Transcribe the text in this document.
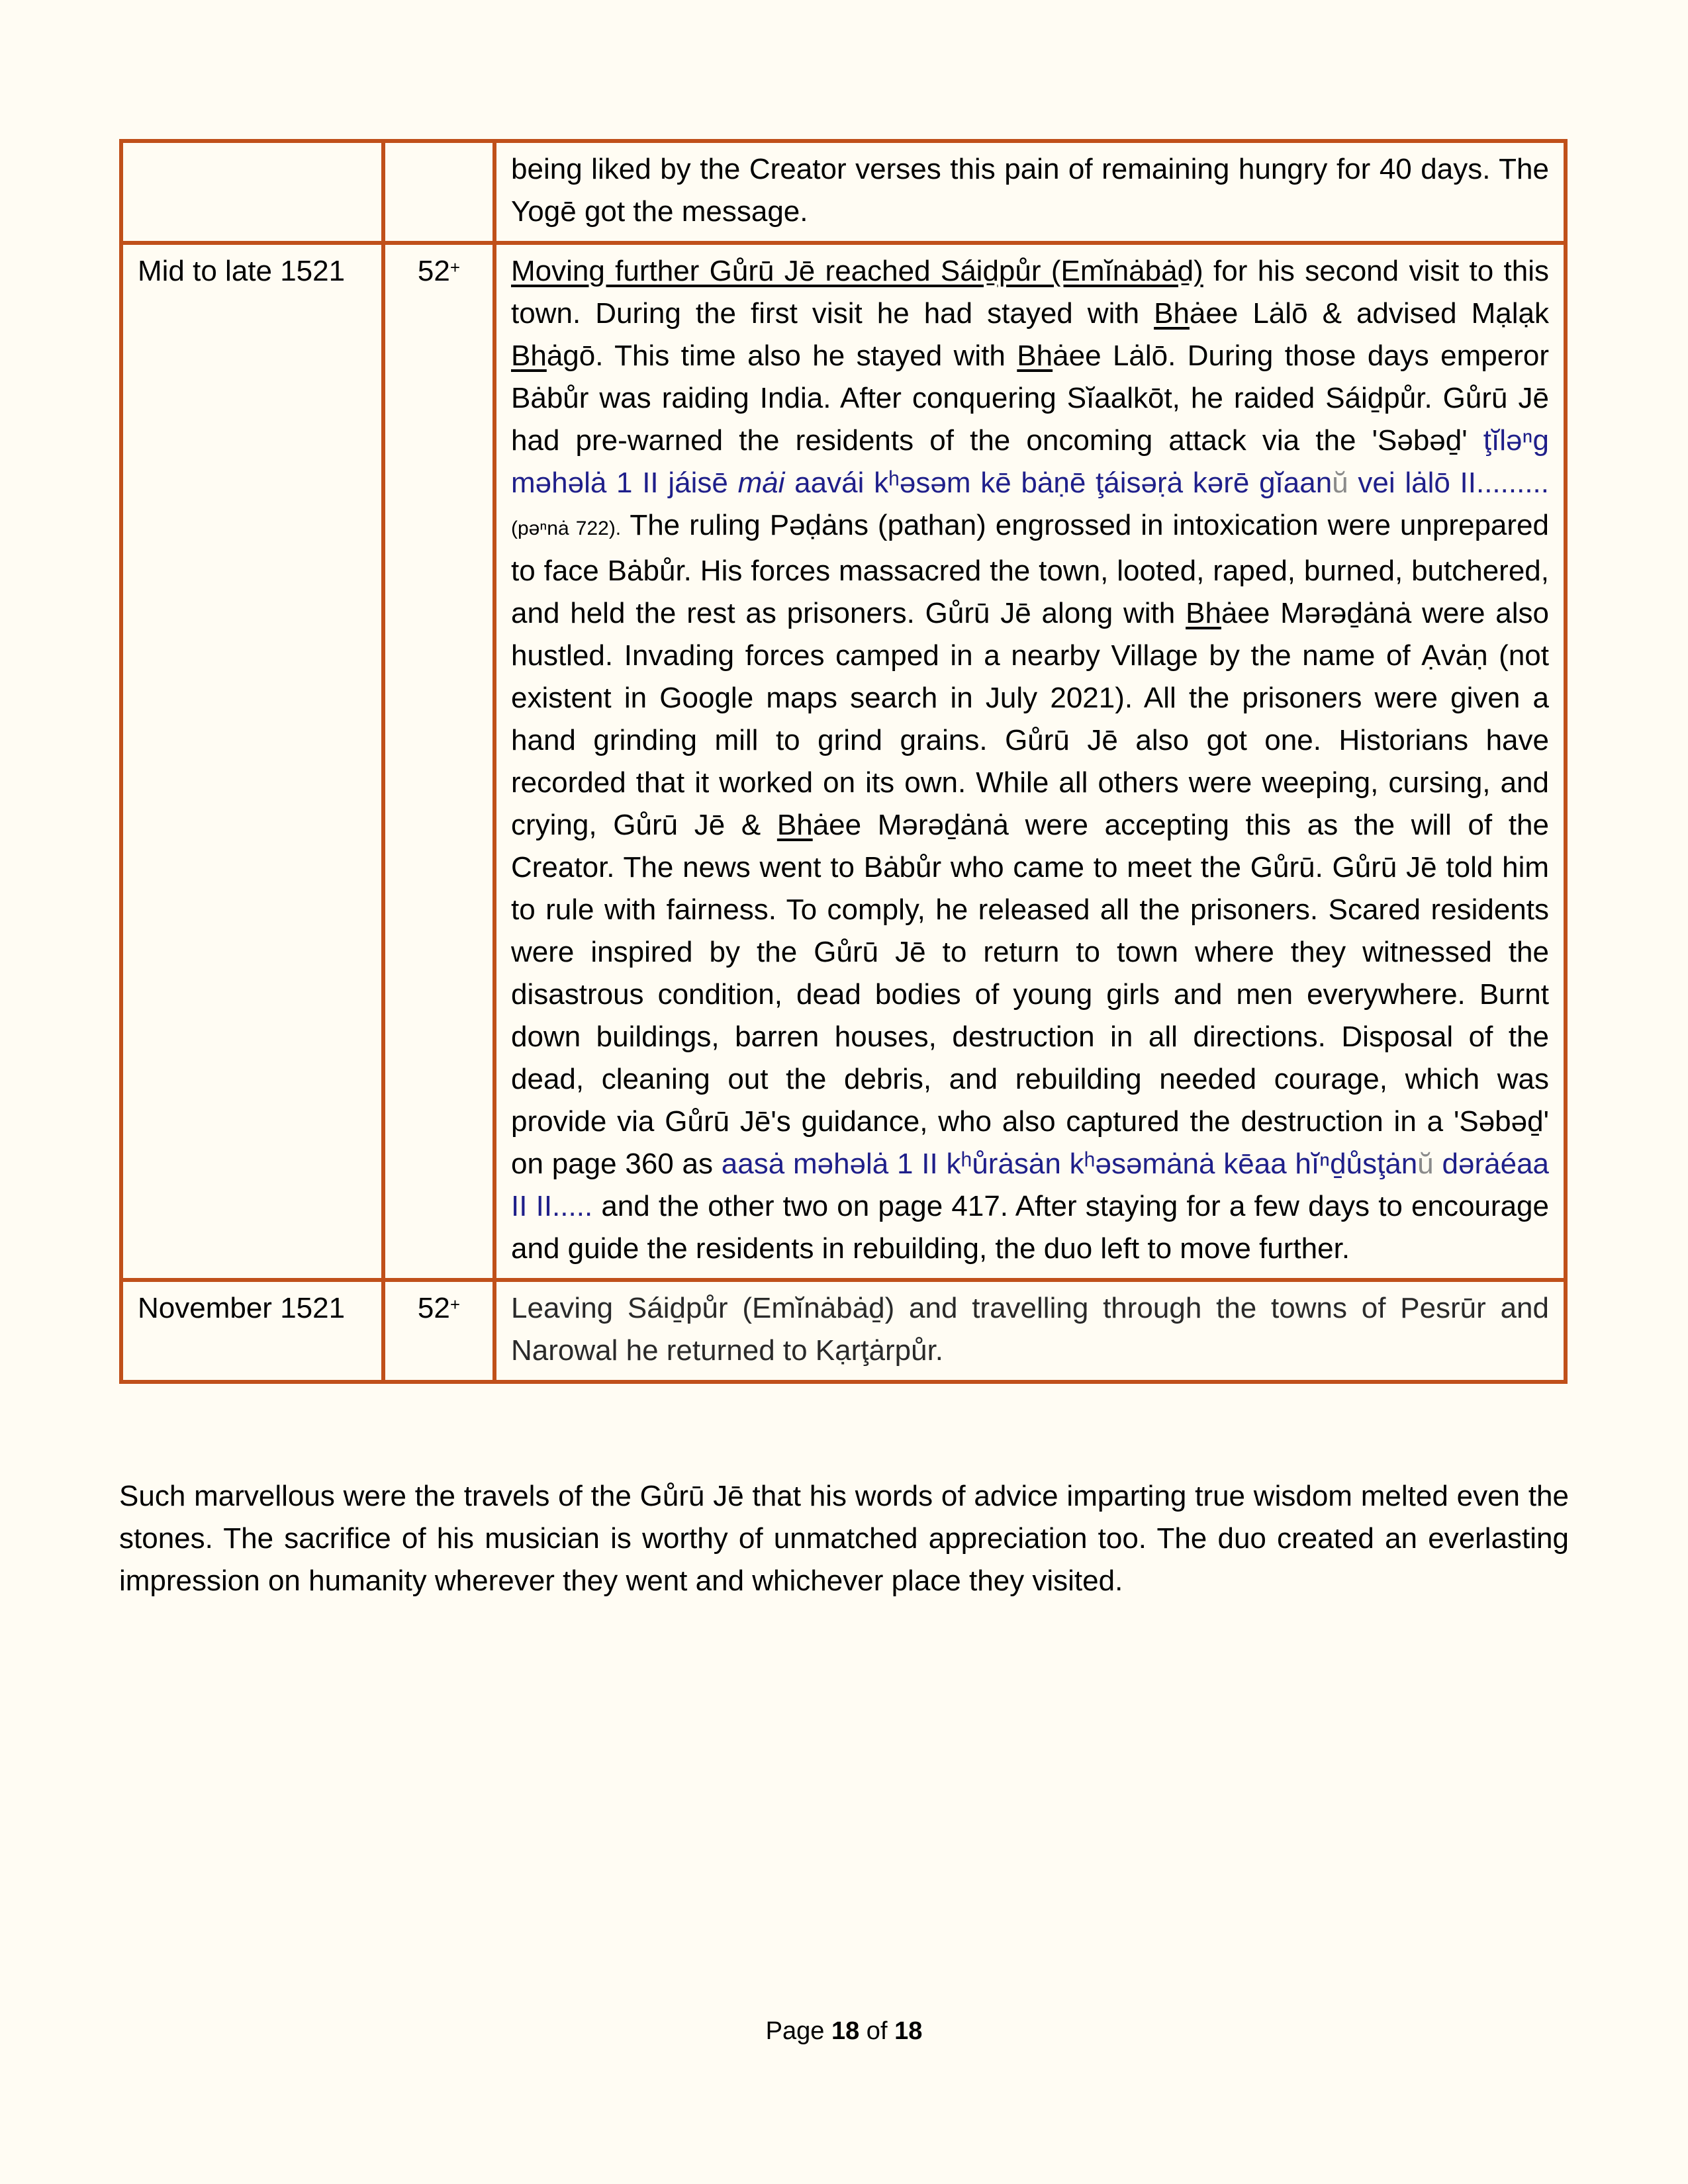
		being liked by the Creator verses this pain of remaining hungry for 40 days. The Yogē got the message.
Mid to late 1521	52+	Moving further Gůrū Jē reached Sáiḏpůr (Emĭnȧbȧḏ) for his second visit to this town. During the first visit he had stayed with Bhȧee Lȧlō & advised Mạlạk Bhȧgō. This time also he stayed with Bhȧee Lȧlō. During those days emperor Bȧbůr was raiding India. After conquering Sĭaalkōt, he raided Sáiḏpůr. Gůrū Jē had pre-warned the residents of the oncoming attack via the 'Səbəḏ' ţĭləⁿg məhəlȧ 1 II jáisē mȧi aavái kʰəsəm kē bȧṇē ţáisəṛȧ kərē gĭaanŭ vei lȧlō II.........(pəⁿnȧ 722). The ruling Pəḍȧns (pathan) engrossed in intoxication were unprepared to face Bȧbůr. His forces massacred the town, looted, raped, burned, butchered, and held the rest as prisoners. Gůrū Jē along with Bhȧee Mərəḏȧnȧ were also hustled. Invading forces camped in a nearby Village by the name of Ạvȧṇ (not existent in Google maps search in July 2021). All the prisoners were given a hand grinding mill to grind grains. Gůrū Jē also got one. Historians have recorded that it worked on its own. While all others were weeping, cursing, and crying, Gůrū Jē & Bhȧee Mərəḏȧnȧ were accepting this as the will of the Creator. The news went to Bȧbůr who came to meet the Gůrū. Gůrū Jē told him to rule with fairness. To comply, he released all the prisoners. Scared residents were inspired by the Gůrū Jē to return to town where they witnessed the disastrous condition, dead bodies of young girls and men everywhere. Burnt down buildings, barren houses, destruction in all directions. Disposal of the dead, cleaning out the debris, and rebuilding needed courage, which was provide via Gůrū Jē's guidance, who also captured the destruction in a 'Səbəḏ' on page 360 as aasȧ məhəlȧ 1 II kʰůrȧsȧn kʰəsəmȧnȧ kēaa hĭⁿḏůsţȧnŭ dərȧéaa II II..... and the other two on page 417. After staying for a few days to encourage and guide the residents in rebuilding, the duo left to move further.
November 1521	52+	Leaving Sáiḏpůr (Emĭnȧbȧḏ) and travelling through the towns of Pesrūr and Narowal he returned to Kạrţȧrpůr.

Such marvellous were the travels of the Gůrū Jē that his words of advice imparting true wisdom melted even the stones. The sacrifice of his musician is worthy of unmatched appreciation too. The duo created an everlasting impression on humanity wherever they went and whichever place they visited.

Page 18 of 18
